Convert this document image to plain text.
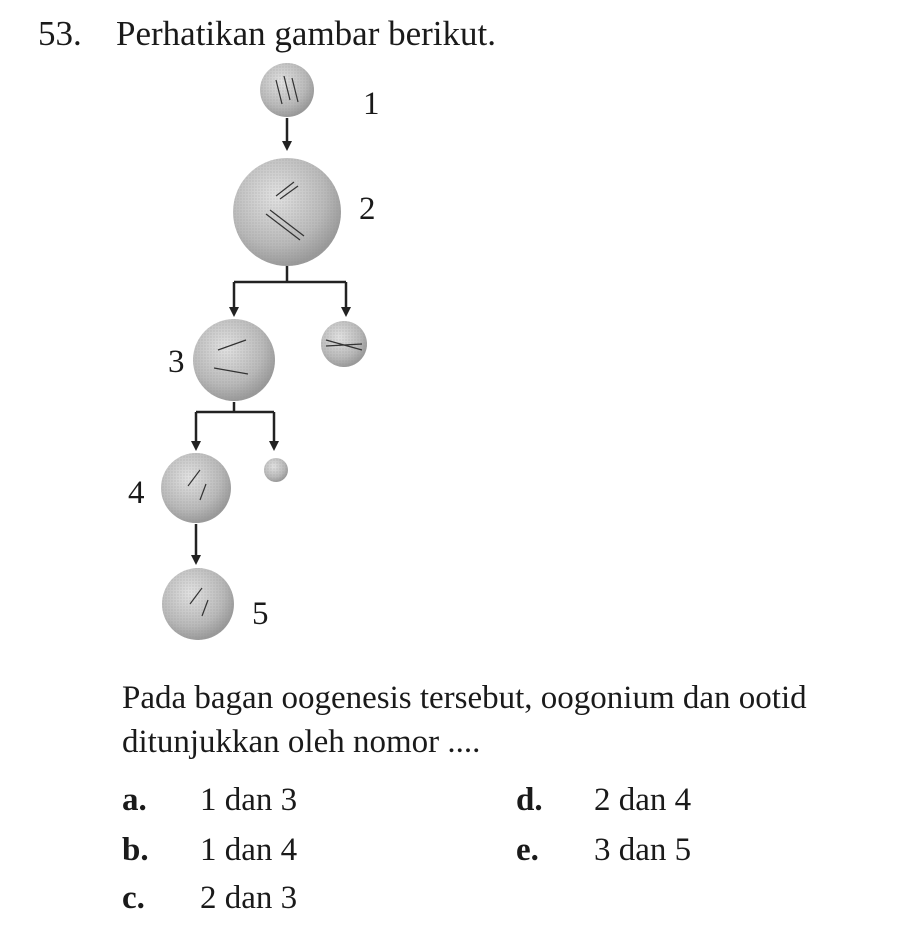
53. Perhatikan gambar berikut.
1
2
3
4
5
Pada bagan oogenesis tersebut, oogonium dan ootid ditunjukkan oleh nomor ....
a. 1 dan 3
b. 1 dan 4
c. 2 dan 3
d. 2 dan 4
e. 3 dan 5
